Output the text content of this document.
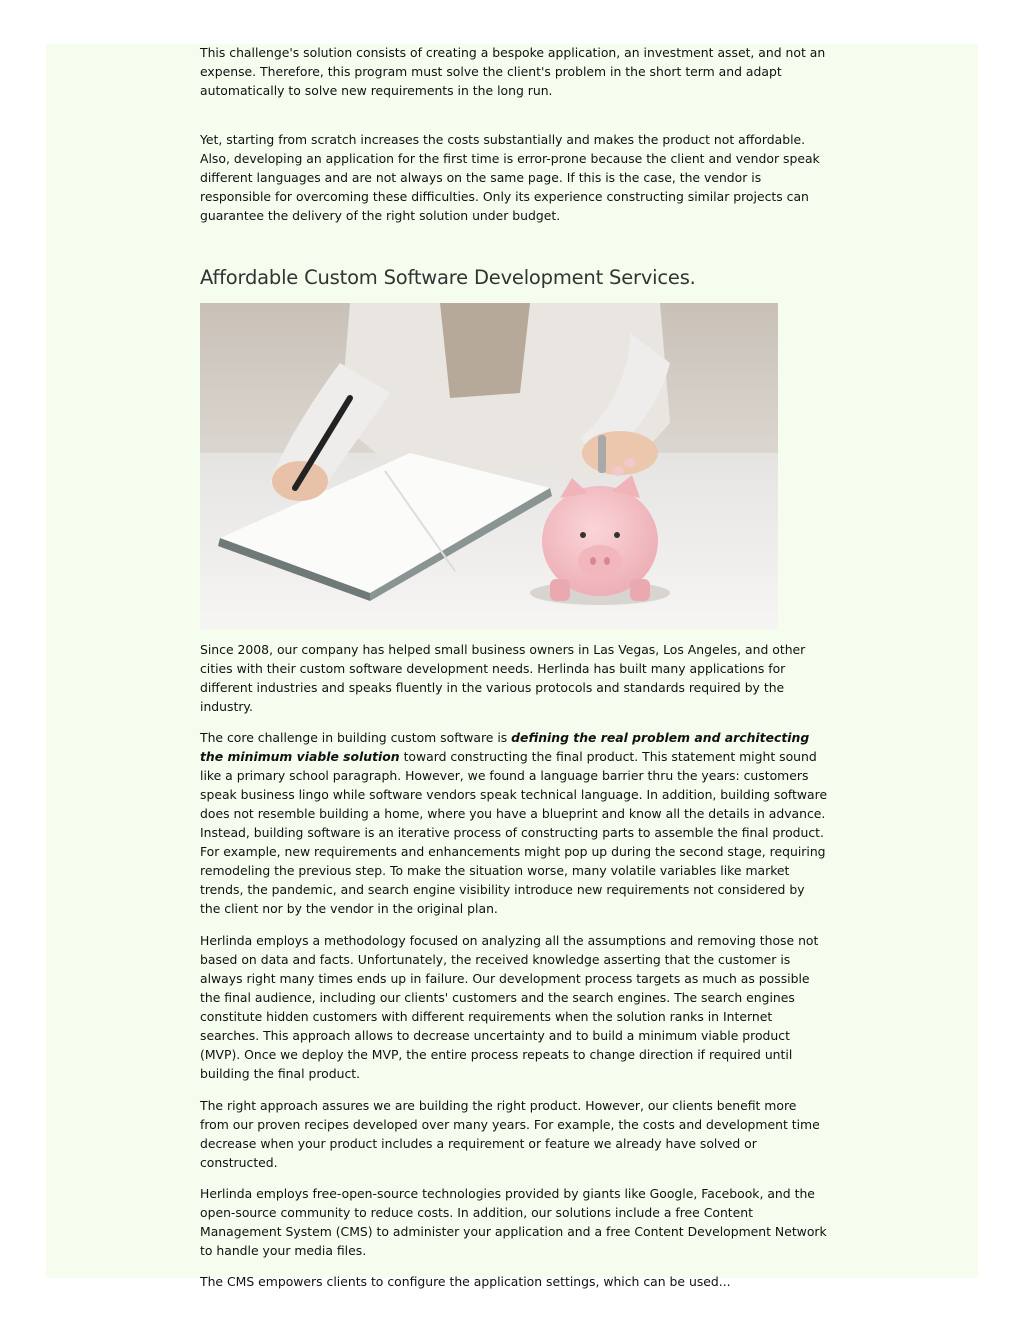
This challenge's solution consists of creating a bespoke application, an investment asset, and not an expense. Therefore, this program must solve the client's problem in the short term and adapt automatically to solve new requirements in the long run.

Yet, starting from scratch increases the costs substantially and makes the product not affordable. Also, developing an application for the first time is error-prone because the client and vendor speak different languages and are not always on the same page. If this is the case, the vendor is responsible for overcoming these difficulties. Only its experience constructing similar projects can guarantee the delivery of the right solution under budget.

Affordable Custom Software Development Services.

Since 2008, our company has helped small business owners in Las Vegas, Los Angeles, and other cities with their custom software development needs. Herlinda has built many applications for different industries and speaks fluently in the various protocols and standards required by the industry.

The core challenge in building custom software is defining the real problem and architecting the minimum viable solution toward constructing the final product. This statement might sound like a primary school paragraph. However, we found a language barrier thru the years: customers speak business lingo while software vendors speak technical language. In addition, building software does not resemble building a home, where you have a blueprint and know all the details in advance. Instead, building software is an iterative process of constructing parts to assemble the final product. For example, new requirements and enhancements might pop up during the second stage, requiring remodeling the previous step. To make the situation worse, many volatile variables like market trends, the pandemic, and search engine visibility introduce new requirements not considered by the client nor by the vendor in the original plan.

Herlinda employs a methodology focused on analyzing all the assumptions and removing those not based on data and facts. Unfortunately, the received knowledge asserting that the customer is always right many times ends up in failure. Our development process targets as much as possible the final audience, including our clients' customers and the search engines. The search engines constitute hidden customers with different requirements when the solution ranks in Internet searches. This approach allows to decrease uncertainty and to build a minimum viable product (MVP). Once we deploy the MVP, the entire process repeats to change direction if required until building the final product.

The right approach assures we are building the right product. However, our clients benefit more from our proven recipes developed over many years. For example, the costs and development time decrease when your product includes a requirement or feature we already have solved or constructed.

Herlinda employs free-open-source technologies provided by giants like Google, Facebook, and the open-source community to reduce costs. In addition, our solutions include a free Content Management System (CMS) to administer your application and a free Content Development Network to handle your media files.

The CMS empowers clients to configure the application settings, which can be used...
